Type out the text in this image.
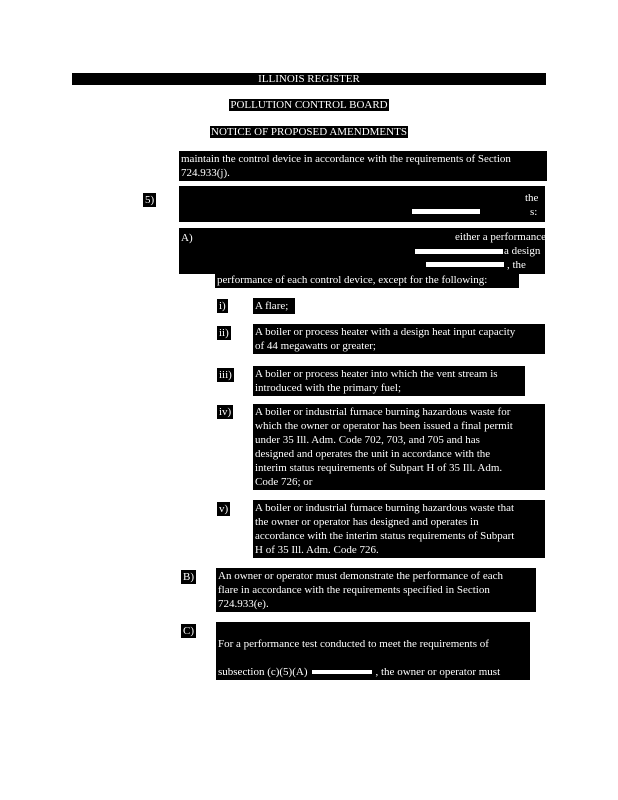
ILLINOIS REGISTER
POLLUTION CONTROL BOARD
NOTICE OF PROPOSED AMENDMENTS
maintain the control device in accordance with the requirements of Section
724.933(j).
5)	the
s:
A)	either a performance
a design
, the
performance of each control device, except for the following:
i)	A flare;
ii) A boiler or process heater with a design heat input capacity
of 44 megawatts or greater;
iii) A boiler or process heater into which the vent stream is
introduced with the primary fuel;
iv) A boiler or industrial furnace burning hazardous waste for
which the owner or operator has been issued a final permit
under 35 Ill. Adm. Code 702, 703, and 705 and has
designed and operates the unit in accordance with the
interim status requirements of Subpart H of 35 Ill. Adm.
Code 726; or
v) A boiler or industrial furnace burning hazardous waste that
the owner or operator has designed and operates in
accordance with the interim status requirements of Subpart
H of 35 Ill. Adm. Code 726.
B) An owner or operator must demonstrate the performance of each
flare in accordance with the requirements specified in Section
724.933(e).
C)

For a performance test conducted to meet the requirements of

subsection (c)(5)(A)	, the owner or operator must

use the test methods and procedures specified in Section

724.934(c)(1) through (c)(4).
